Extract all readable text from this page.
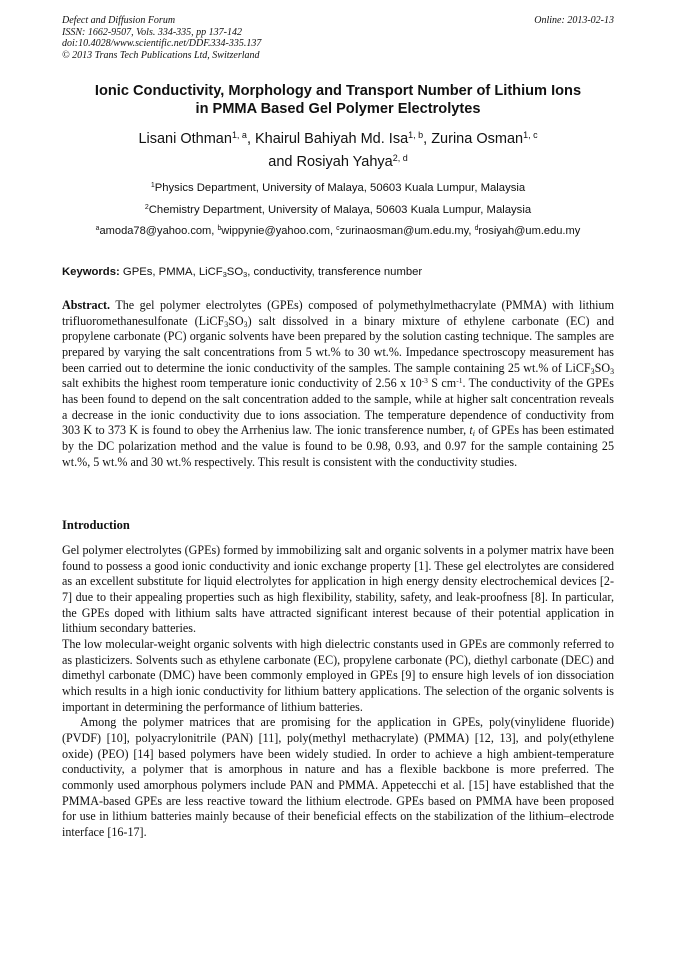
Defect and Diffusion Forum
ISSN: 1662-9507, Vols. 334-335, pp 137-142
doi:10.4028/www.scientific.net/DDF.334-335.137
© 2013 Trans Tech Publications Ltd, Switzerland
Online: 2013-02-13
Ionic Conductivity, Morphology and Transport Number of Lithium Ions
in PMMA Based Gel Polymer Electrolytes
Lisani Othman$^{1, a}$, Khairul Bahiyah Md. Isa$^{1, b}$, Zurina Osman$^{1, c}$
and Rosiyah Yahya$^{2, d}$
$^1$Physics Department, University of Malaya, 50603 Kuala Lumpur, Malaysia
$^2$Chemistry Department, University of Malaya, 50603 Kuala Lumpur, Malaysia
$^a$amoda78@yahoo.com, $^b$wippynie@yahoo.com, $^c$zurinaosman@um.edu.my, $^d$rosiyah@um.edu.my
Keywords: GPEs, PMMA, $LiCF_3SO_3$, conductivity, transference number
Abstract. The gel polymer electrolytes (GPEs) composed of polymethylmethacrylate (PMMA) with lithium trifluoromethanesulfonate $(LiCF_3SO_3)$ salt dissolved in a binary mixture of ethylene carbonate (EC) and propylene carbonate (PC) organic solvents have been prepared by the solution casting technique. The samples are prepared by varying the salt concentrations from 5 wt.% to 30 wt.%. Impedance spectroscopy measurement has been carried out to determine the ionic conductivity of the samples. The sample containing 25 wt.% of $LiCF_3SO_3$ salt exhibits the highest room temperature ionic conductivity of 2.56 x $10^{-3}$ S $cm^{-1}$. The conductivity of the GPEs has been found to depend on the salt concentration added to the sample, while at higher salt concentration reveals a decrease in the ionic conductivity due to ions association. The temperature dependence of conductivity from 303 K to 373 K is found to obey the Arrhenius law. The ionic transference number, $t_i$ of GPEs has been estimated by the DC polarization method and the value is found to be 0.98, 0.93, and 0.97 for the sample containing 25 wt.%, 5 wt.% and 30 wt.% respectively. This result is consistent with the conductivity studies.
Introduction
Gel polymer electrolytes (GPEs) formed by immobilizing salt and organic solvents in a polymer matrix have been found to possess a good ionic conductivity and ionic exchange property [1]. These gel electrolytes are considered as an excellent substitute for liquid electrolytes for application in high energy density electrochemical devices [2-7] due to their appealing properties such as high flexibility, stability, safety, and leak-proofness [8]. In particular, the GPEs doped with lithium salts have attracted significant interest because of their potential application in lithium secondary batteries.
The low molecular-weight organic solvents with high dielectric constants used in GPEs are commonly referred to as plasticizers. Solvents such as ethylene carbonate (EC), propylene carbonate (PC), diethyl carbonate (DEC) and dimethyl carbonate (DMC) have been commonly employed in GPEs [9] to ensure high levels of ion dissociation which results in a high ionic conductivity for lithium battery applications. The selection of the organic solvents is important in determining the performance of lithium batteries.
Among the polymer matrices that are promising for the application in GPEs, poly(vinylidene fluoride) (PVDF) [10], polyacrylonitrile (PAN) [11], poly(methyl methacrylate) (PMMA) [12, 13], and poly(ethylene oxide) (PEO) [14] based polymers have been widely studied. In order to achieve a high ambient-temperature conductivity, a polymer that is amorphous in nature and has a flexible backbone is more preferred. The commonly used amorphous polymers include PAN and PMMA. Appetecchi et al. [15] have established that the PMMA-based GPEs are less reactive toward the lithium electrode. GPEs based on PMMA have been proposed for use in lithium batteries mainly because of their beneficial effects on the stabilization of the lithium–electrode interface [16-17].
